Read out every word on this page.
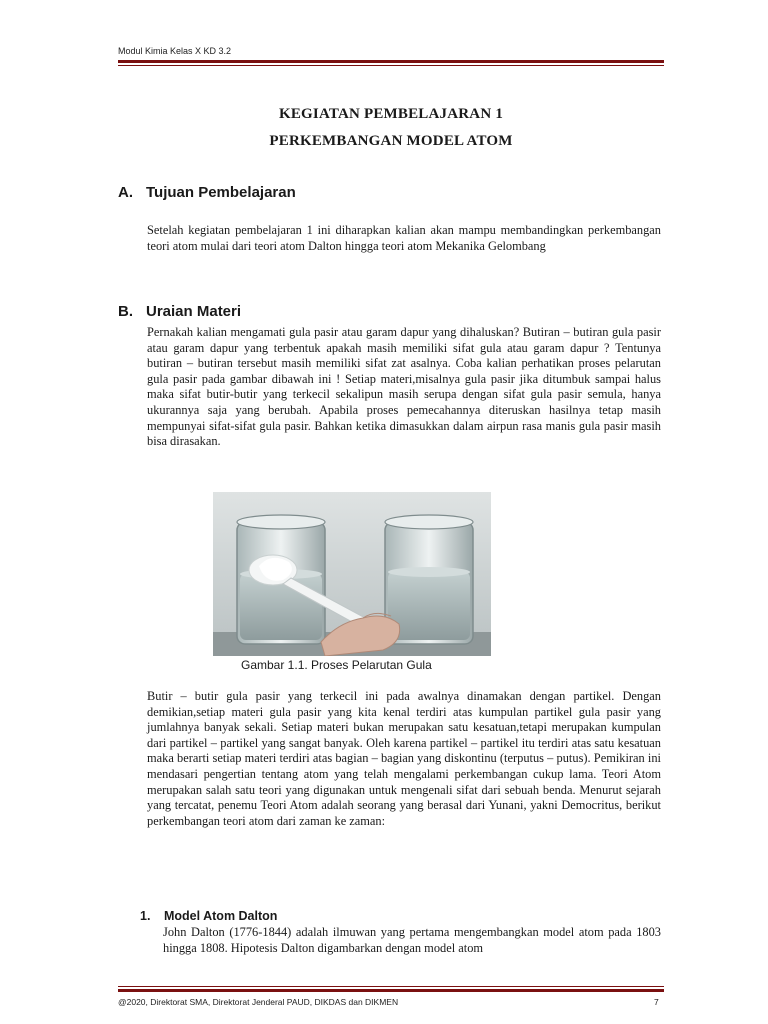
Modul Kimia Kelas X KD 3.2
KEGIATAN PEMBELAJARAN 1
PERKEMBANGAN MODEL ATOM
A. Tujuan Pembelajaran
Setelah kegiatan pembelajaran 1 ini diharapkan kalian akan mampu membandingkan perkembangan teori atom mulai dari teori atom Dalton hingga teori atom Mekanika Gelombang
B. Uraian Materi
Pernakah kalian mengamati gula pasir atau garam dapur yang dihaluskan? Butiran – butiran gula pasir atau garam dapur yang terbentuk apakah masih memiliki sifat gula atau garam dapur ? Tentunya butiran – butiran tersebut masih memiliki sifat zat asalnya. Coba kalian perhatikan proses pelarutan gula pasir pada gambar dibawah ini ! Setiap materi,misalnya gula pasir jika ditumbuk sampai halus maka sifat butir-butir yang terkecil sekalipun masih serupa dengan sifat gula pasir semula, hanya ukurannya saja yang berubah. Apabila proses pemecahannya diteruskan hasilnya tetap masih mempunyai sifat-sifat gula pasir. Bahkan ketika dimasukkan dalam airpun rasa manis gula pasir masih bisa dirasakan.
Gambar 1.1. Proses Pelarutan Gula
Butir – butir gula pasir yang terkecil ini pada awalnya dinamakan dengan partikel. Dengan demikian,setiap materi gula pasir yang kita kenal terdiri atas kumpulan partikel gula pasir yang jumlahnya banyak sekali. Setiap materi bukan merupakan satu kesatuan,tetapi merupakan kumpulan dari partikel – partikel yang sangat banyak. Oleh karena partikel – partikel itu terdiri atas satu kesatuan maka berarti setiap materi terdiri atas bagian – bagian yang diskontinu (terputus – putus). Pemikiran ini mendasari pengertian tentang atom yang telah mengalami perkembangan cukup lama. Teori Atom merupakan salah satu teori yang digunakan untuk mengenali sifat dari sebuah benda. Menurut sejarah yang tercatat, penemu Teori Atom adalah seorang yang berasal dari Yunani, yakni Democritus, berikut perkembangan teori atom dari zaman ke zaman:
1. Model Atom Dalton
John Dalton (1776-1844) adalah ilmuwan yang pertama mengembangkan model atom pada 1803 hingga 1808. Hipotesis Dalton digambarkan dengan model atom
@2020, Direktorat SMA, Direktorat Jenderal PAUD, DIKDAS dan DIKMEN	7
